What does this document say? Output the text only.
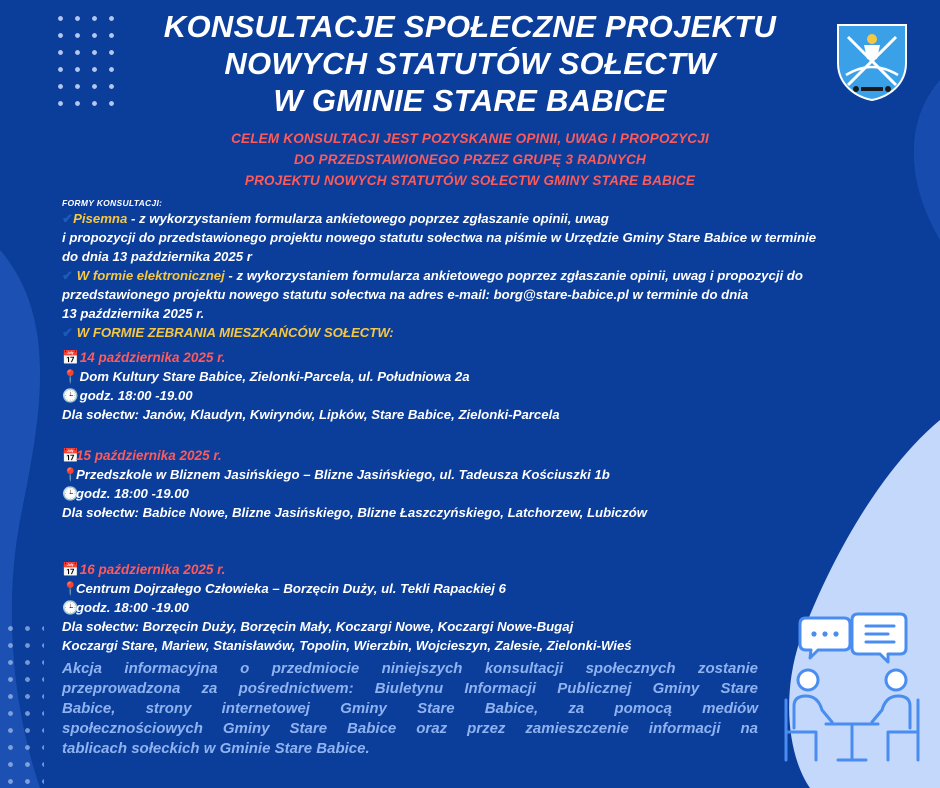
KONSULTACJE SPOŁECZNE PROJEKTU
NOWYCH STATUTÓW SOŁECTW
W GMINIE STARE BABICE
CELEM KONSULTACJI JEST POZYSKANIE OPINII, UWAG I PROPOZYCJI
DO PRZEDSTAWIONEGO PRZEZ GRUPĘ 3 RADNYCH
PROJEKTU NOWYCH STATUTÓW SOŁECTW GMINY STARE BABICE
FORMY KONSULTACJI:
✔Pisemna - z wykorzystaniem formularza ankietowego poprzez zgłaszanie opinii, uwag
i propozycji do przedstawionego projektu nowego statutu sołectwa na piśmie w Urzędzie Gminy Stare Babice w terminie
do dnia 13 października 2025 r
✔ W formie elektronicznej - z wykorzystaniem formularza ankietowego poprzez zgłaszanie opinii, uwag i propozycji do
przedstawionego projektu nowego statutu sołectwa na adres e-mail: borg@stare-babice.pl w terminie do dnia
13 października 2025 r.
✔ W FORMIE ZEBRANIA MIESZKAŃCÓW SOŁECTW:
📅 14 października 2025 r.
📍 Dom Kultury Stare Babice, Zielonki-Parcela, ul. Południowa 2a
🕒 godz. 18:00 -19.00
Dla sołectw: Janów, Klaudyn, Kwirynów, Lipków, Stare Babice, Zielonki-Parcela
📅15 października 2025 r.
📍Przedszkole w Bliznem Jasińskiego – Blizne Jasińskiego, ul. Tadeusza Kościuszki 1b
🕒godz. 18:00 -19.00
Dla sołectw: Babice Nowe, Blizne Jasińskiego, Blizne Łaszczyńskiego, Latchorzew, Lubiczów
📅 16 października 2025 r.
📍Centrum Dojrzałego Człowieka – Borzęcin Duży, ul. Tekli Rapackiej 6
🕒godz. 18:00 -19.00
Dla sołectw: Borzęcin Duży, Borzęcin Mały, Koczargi Nowe, Koczargi Nowe-Bugaj
Koczargi Stare, Mariew, Stanisławów, Topolin, Wierzbin, Wojcieszyn, Zalesie, Zielonki-Wieś
Akcja informacyjna o przedmiocie niniejszych konsultacji społecznych zostanie
przeprowadzona za pośrednictwem: Biuletynu Informacji Publicznej Gminy Stare
Babice, strony internetowej Gminy Stare Babice, za pomocą mediów
społecznościowych Gminy Stare Babice oraz przez zamieszczenie informacji na
tablicach sołeckich w Gminie Stare Babice.
